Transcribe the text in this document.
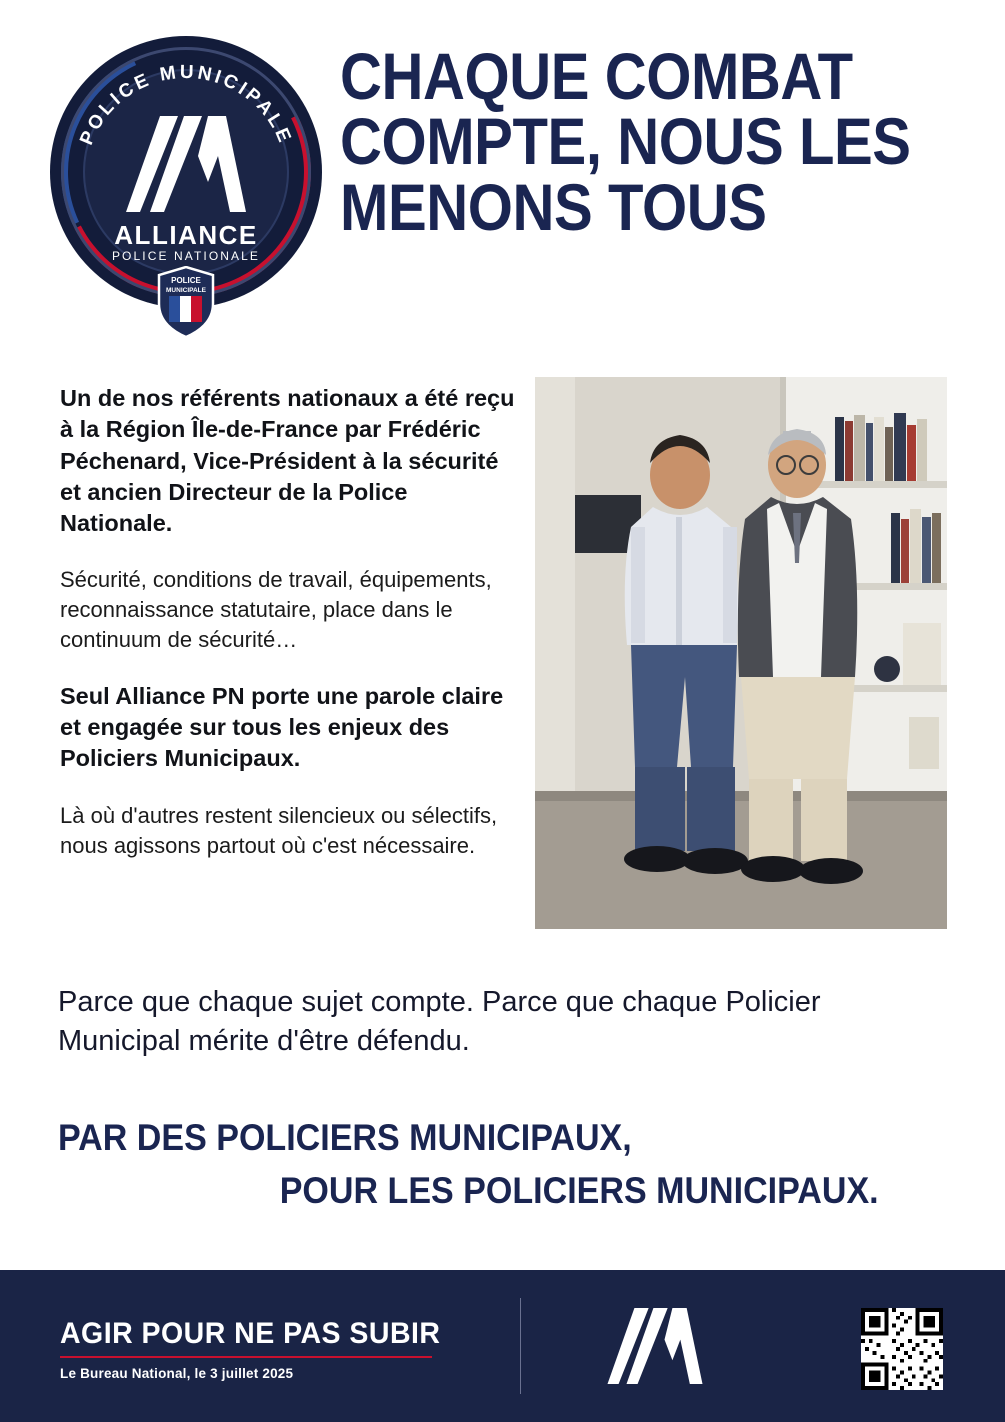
POLICE MUNICIPALE
ALLIANCE
POLICE NATIONALE
POLICE
MUNICIPALE
CHAQUE COMBAT
COMPTE, NOUS LES
MENONS TOUS

Un de nos référents nationaux a été reçu à la Région Île-de-France par Frédéric Péchenard, Vice-Président à la sécurité et ancien Directeur de la Police Nationale.

Sécurité, conditions de travail, équipements, reconnaissance statutaire, place dans le continuum de sécurité…

Seul Alliance PN porte une parole claire et engagée sur tous les enjeux des Policiers Municipaux.

Là où d'autres restent silencieux ou sélectifs, nous agissons partout où c'est nécessaire.

Parce que chaque sujet compte. Parce que chaque Policier Municipal mérite d'être défendu.
PAR DES POLICIERS MUNICIPAUX,
POUR LES POLICIERS MUNICIPAUX.
AGIR POUR NE PAS SUBIR
Le Bureau National, le 3 juillet 2025
